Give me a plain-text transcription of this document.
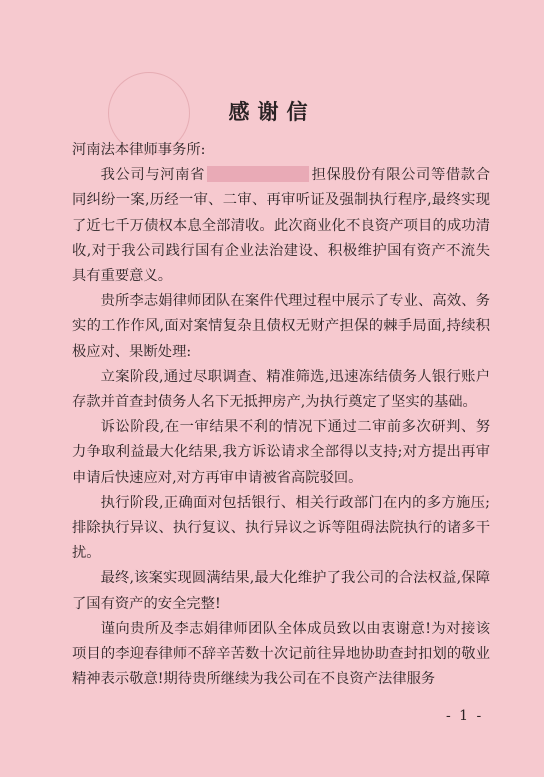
感谢信

河南法本律师事务所:

我公司与河南省	担保股份有限公司等借款合同纠纷一案,历经一审、二审、再审听证及强制执行程序,最终实现了近七千万债权本息全部清收。此次商业化不良资产项目的成功清收,对于我公司践行国有企业法治建设、积极维护国有资产不流失具有重要意义。

贵所李志娟律师团队在案件代理过程中展示了专业、高效、务实的工作作风,面对案情复杂且债权无财产担保的棘手局面,持续积极应对、果断处理:

立案阶段,通过尽职调查、精准筛选,迅速冻结债务人银行账户存款并首查封债务人名下无抵押房产,为执行奠定了坚实的基础。

诉讼阶段,在一审结果不利的情况下通过二审前多次研判、努力争取利益最大化结果,我方诉讼请求全部得以支持;对方提出再审申请后快速应对,对方再审申请被省高院驳回。

执行阶段,正确面对包括银行、相关行政部门在内的多方施压;排除执行异议、执行复议、执行异议之诉等阻碍法院执行的诸多干扰。

最终,该案实现圆满结果,最大化维护了我公司的合法权益,保障了国有资产的安全完整!

谨向贵所及李志娟律师团队全体成员致以由衷谢意!为对接该项目的李迎春律师不辞辛苦数十次记前往异地协助查封扣划的敬业精神表示敬意!期待贵所继续为我公司在不良资产法律服务

- 1 -
